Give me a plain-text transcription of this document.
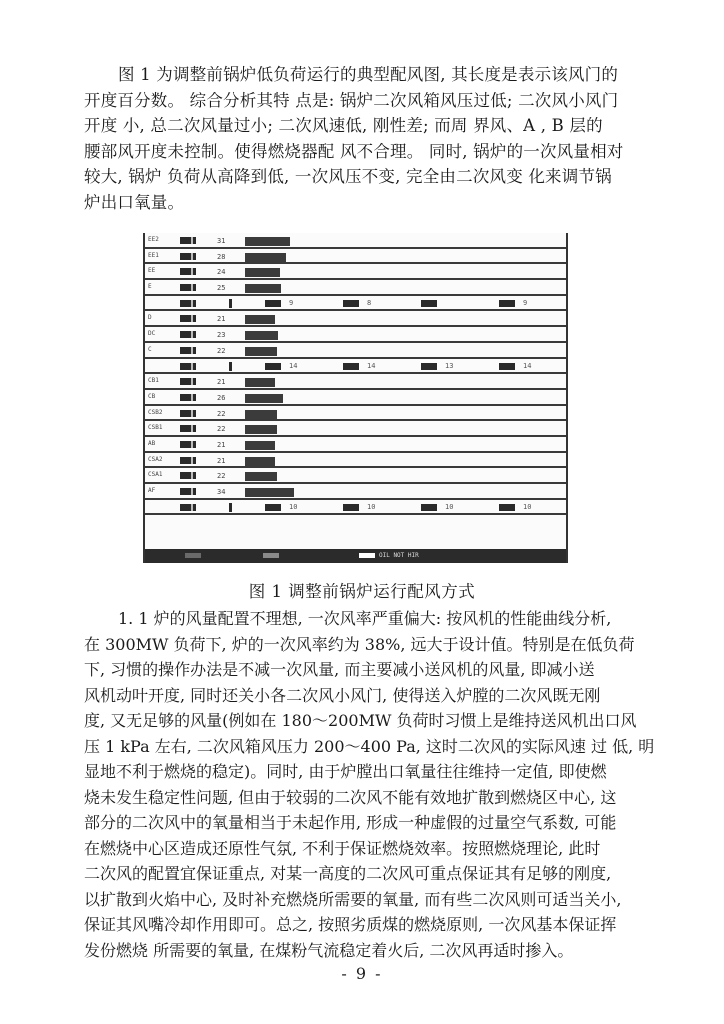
图 1 为调整前锅炉低负荷运行的典型配风图, 其长度是表示该风门的
开度百分数。 综合分析其特 点是: 锅炉二次风箱风压过低; 二次风小风门
开度 小, 总二次风量过小; 二次风速低, 刚性差; 而周 界风、A , B 层的
腰部风开度未控制。使得燃烧器配 风不合理。 同时, 锅炉的一次风量相对
较大, 锅炉 负荷从高降到低, 一次风压不变, 完全由二次风变 化来调节锅
炉出口氧量。
EE2	31
EE1	28
EE	24
E	25
9	8	9
D	21
DC	23
C	22
14	14	13	14
CB1	21
CB	26
CSB2	22
CSB1	22
AB	21
CSA2	21
CSA1	22
AF	34
10	10	10	10
OIL NOT HIR
图 1 调整前锅炉运行配风方式
1. 1 炉的风量配置不理想, 一次风率严重偏大: 按风机的性能曲线分析,
在 300MW 负荷下, 炉的一次风率约为 38%, 远大于设计值。特别是在低负荷
下, 习惯的操作办法是不减一次风量, 而主要减小送风机的风量, 即减小送
风机动叶开度, 同时还关小各二次风小风门, 使得送入炉膛的二次风既无刚
度, 又无足够的风量(例如在 180～200MW 负荷时习惯上是维持送风机出口风
压 1 kPa 左右, 二次风箱风压力 200～400 Pa, 这时二次风的实际风速 过 低, 明
显地不利于燃烧的稳定)。同时, 由于炉膛出口氧量往往维持一定值, 即使燃
烧未发生稳定性问题, 但由于较弱的二次风不能有效地扩散到燃烧区中心, 这
部分的二次风中的氧量相当于未起作用, 形成一种虚假的过量空气系数, 可能
在燃烧中心区造成还原性气氛, 不利于保证燃烧效率。按照燃烧理论, 此时
二次风的配置宜保证重点, 对某一高度的二次风可重点保证其有足够的刚度,
以扩散到火焰中心, 及时补充燃烧所需要的氧量, 而有些二次风则可适当关小,
保证其风嘴冷却作用即可。总之, 按照劣质煤的燃烧原则, 一次风基本保证挥
发份燃烧 所需要的氧量, 在煤粉气流稳定着火后, 二次风再适时掺入。
- 9 -
